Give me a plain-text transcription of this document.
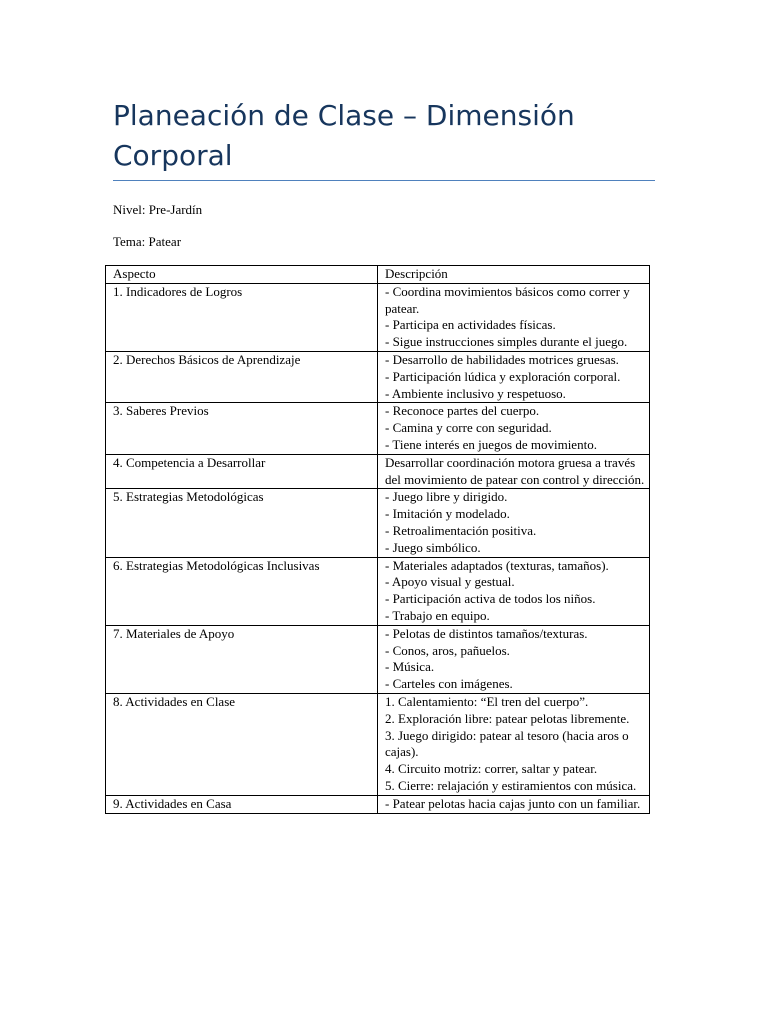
Planeación de Clase – Dimensión Corporal
Nivel: Pre-Jardín
Tema: Patear
Aspecto	Descripción
1. Indicadores de Logros	- Coordina movimientos básicos como correr y patear.
- Participa en actividades físicas.
- Sigue instrucciones simples durante el juego.

2. Derechos Básicos de Aprendizaje	- Desarrollo de habilidades motrices gruesas.
- Participación lúdica y exploración corporal.
- Ambiente inclusivo y respetuoso.

3. Saberes Previos	- Reconoce partes del cuerpo.
- Camina y corre con seguridad.
- Tiene interés en juegos de movimiento.

4. Competencia a Desarrollar	Desarrollar coordinación motora gruesa a través del movimiento de patear con control y dirección.

5. Estrategias Metodológicas	- Juego libre y dirigido.
- Imitación y modelado.
- Retroalimentación positiva.
- Juego simbólico.

6. Estrategias Metodológicas Inclusivas	- Materiales adaptados (texturas, tamaños).
- Apoyo visual y gestual.
- Participación activa de todos los niños.
- Trabajo en equipo.

7. Materiales de Apoyo	- Pelotas de distintos tamaños/texturas.
- Conos, aros, pañuelos.
- Música.
- Carteles con imágenes.

8. Actividades en Clase	1. Calentamiento: “El tren del cuerpo”.
2. Exploración libre: patear pelotas libremente.
3. Juego dirigido: patear al tesoro (hacia aros o cajas).
4. Circuito motriz: correr, saltar y patear.
5. Cierre: relajación y estiramientos con música.

9. Actividades en Casa	- Patear pelotas hacia cajas junto con un familiar.
